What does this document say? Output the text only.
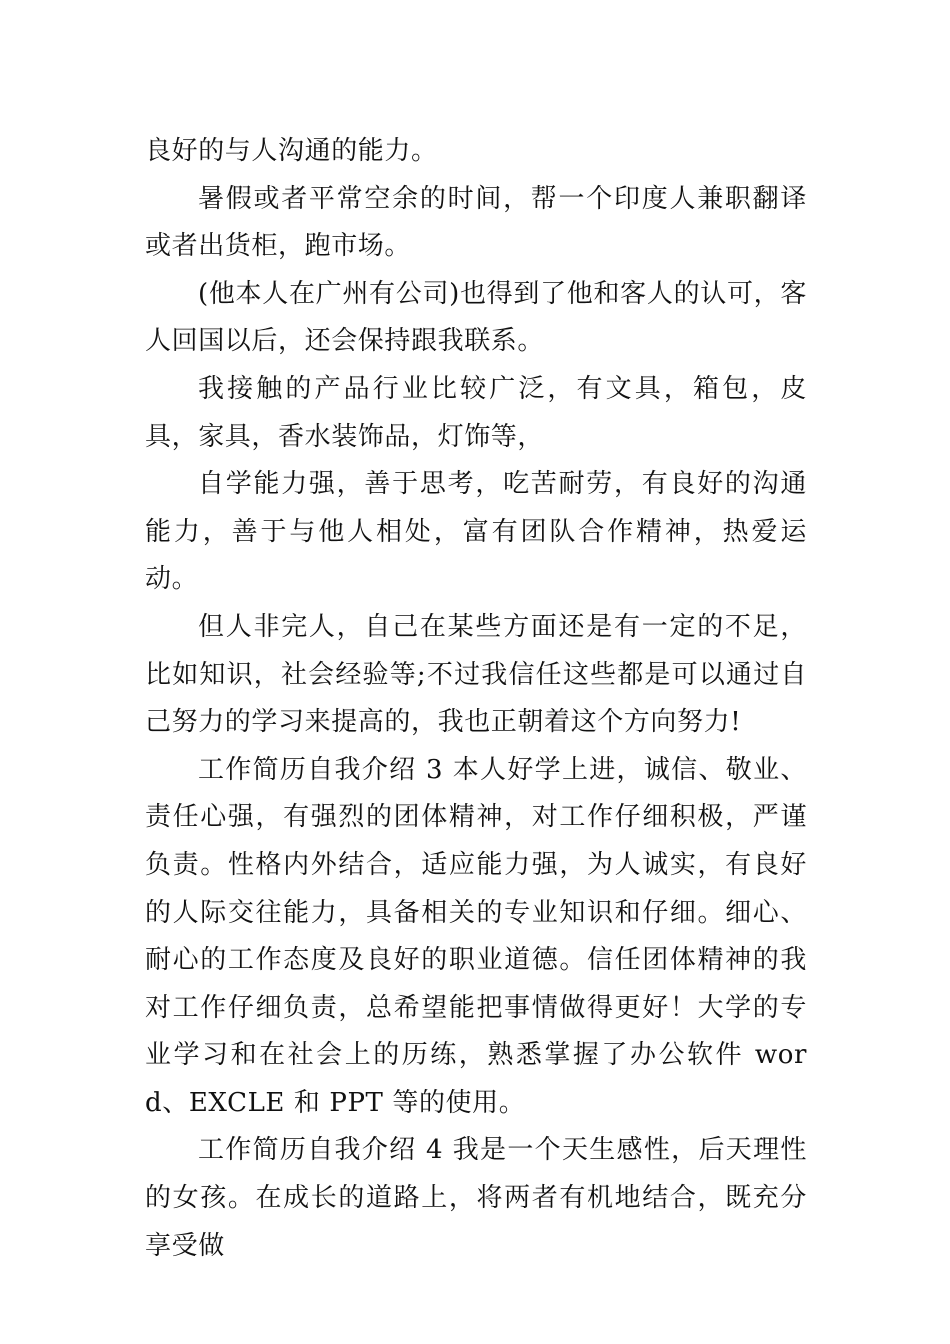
良好的与人沟通的能力。

暑假或者平常空余的时间，帮一个印度人兼职翻译或者出货柜，跑市场。

(他本人在广州有公司)也得到了他和客人的认可，客人回国以后，还会保持跟我联系。

我接触的产品行业比较广泛，有文具，箱包，皮具，家具，香水装饰品，灯饰等，

自学能力强，善于思考，吃苦耐劳，有良好的沟通能力，善于与他人相处，富有团队合作精神，热爱运动。

但人非完人，自己在某些方面还是有一定的不足，比如知识，社会经验等;不过我信任这些都是可以通过自己努力的学习来提高的，我也正朝着这个方向努力!

工作简历自我介绍 3 本人好学上进，诚信、敬业、责任心强，有强烈的团体精神，对工作仔细积极，严谨负责。性格内外结合，适应能力强，为人诚实，有良好的人际交往能力，具备相关的专业知识和仔细。细心、耐心的工作态度及良好的职业道德。信任团体精神的我对工作仔细负责，总希望能把事情做得更好！大学的专业学习和在社会上的历练，熟悉掌握了办公软件 word、EXCLE 和 PPT 等的使用。

工作简历自我介绍 4 我是一个天生感性，后天理性的女孩。在成长的道路上，将两者有机地结合，既充分享受做
